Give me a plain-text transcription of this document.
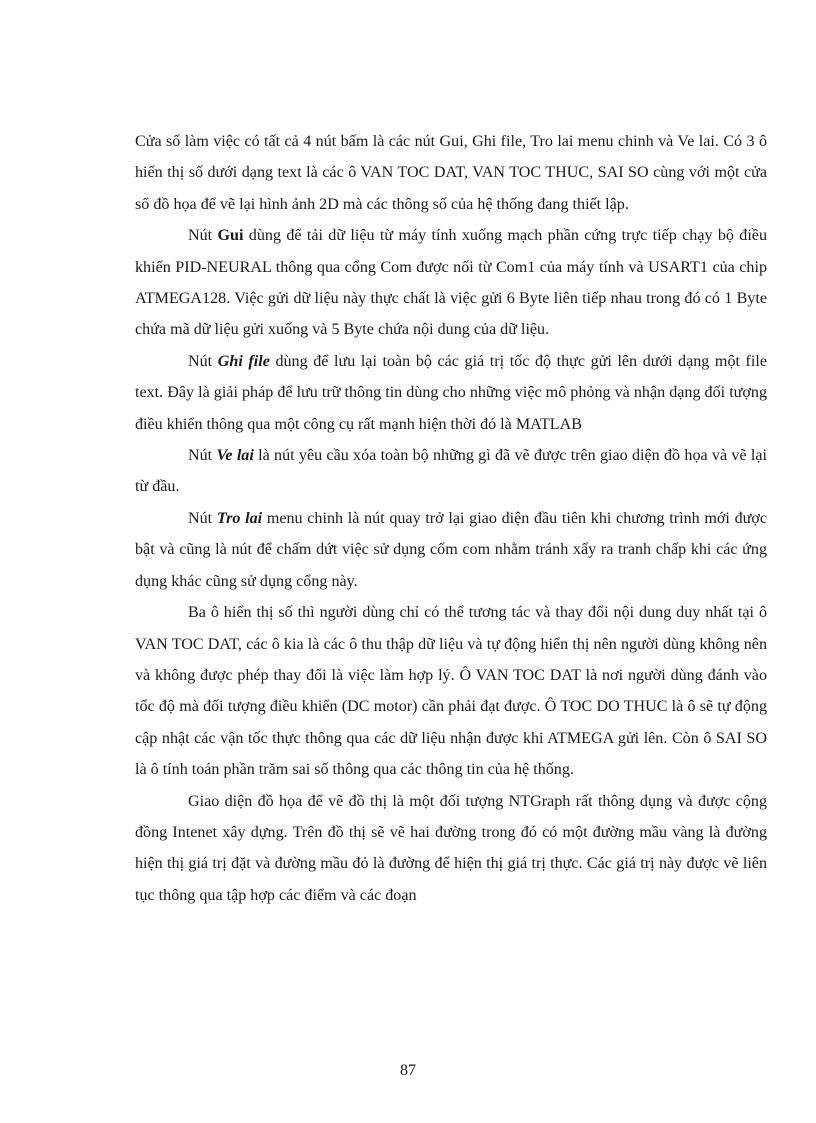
Cửa sổ làm việc có tất cả 4 nút bấm là các nút Gui, Ghi file, Tro lai menu chinh và Ve lai. Có 3 ô hiển thị số dưới dạng text là các ô VAN TOC DAT, VAN TOC THUC, SAI SO cùng với một cửa sổ đồ họa để vẽ lại hình ảnh 2D mà các thông số của hệ thống đang thiết lập.

Nút Gui dùng để tải dữ liệu từ máy tính xuống mạch phần cứng trực tiếp chạy bộ điều khiển PID-NEURAL thông qua cổng Com được nối từ Com1 của máy tính và USART1 của chip ATMEGA128. Việc gửi dữ liệu này thực chất là việc gửi 6 Byte liên tiếp nhau trong đó có 1 Byte chứa mã dữ liệu gửi xuống và 5 Byte chứa nội dung của dữ liệu.

Nút Ghi file dùng để lưu lại toàn bộ các giá trị tốc độ thực gửi lên dưới dạng một file text. Đây là giải pháp để lưu trữ thông tin dùng cho những việc mô phỏng và nhận dạng đối tượng điều khiển thông qua một công cụ rất mạnh hiện thời đó là MATLAB

Nút Ve lai là nút yêu cầu xóa toàn bộ những gì đã vẽ được trên giao diện đồ họa và vẽ lại từ đầu.

Nút Tro lai menu chinh là nút quay trở lại giao diện đầu tiên khi chương trình mới được bật và cũng là nút để chấm dứt việc sử dụng cổm com nhằm tránh xẩy ra tranh chấp khi các ứng dụng khác cũng sử dụng cổng này.

Ba ô hiển thị số thì người dùng chỉ có thể tương tác và thay đổi nội dung duy nhất tại ô VAN TOC DAT, các ô kia là các ô thu thập dữ liệu và tự động hiển thị nên người dùng không nên và không được phép thay đổi là việc làm hợp lý. Ô VAN TOC DAT là nơi người dùng đánh vào tốc độ mà đối tượng điều khiển (DC motor) cần phải đạt được. Ô TOC DO THUC là ô sẽ tự động cập nhật các vận tốc thực thông qua các dữ liệu nhận được khi ATMEGA gửi lên. Còn ô SAI SO là ô tính toán phần trăm sai số thông qua các thông tin của hệ thống.

Giao diện đồ họa để vẽ đồ thị là một đối tượng NTGraph rất thông dụng và được cộng đồng Intenet xây dựng. Trên đồ thị sẽ vẽ hai đường trong đó có một đường mầu vàng là đường hiện thị giá trị đặt và đường mầu đỏ là đường để hiện thị giá trị thực. Các giá trị này được vẽ liên tục thông qua tập hợp các điểm và các đoạn

87
